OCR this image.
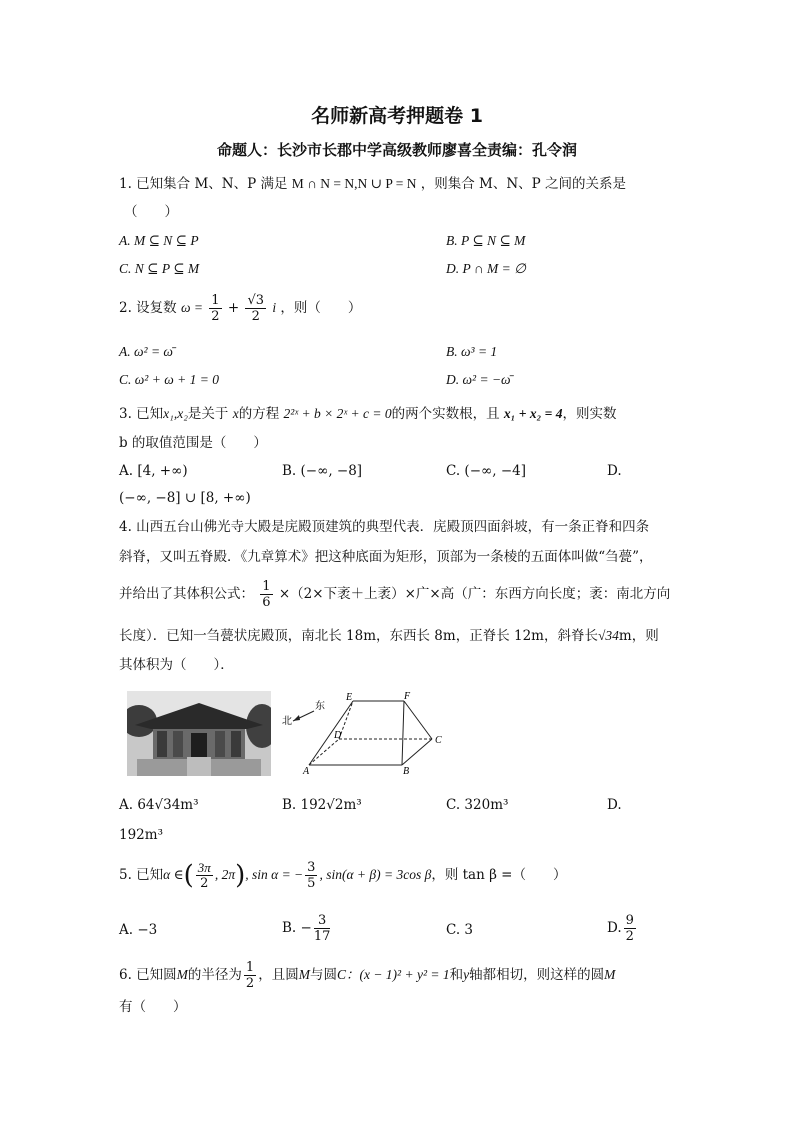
名师新高考押题卷 1
命题人：长沙市长郡中学高级教师廖喜全责编：孔令润
1. 已知集合 M、N、P 满足 M ∩ N = N,N ∪ P = N ，则集合 M、N、P 之间的关系是
（　　）
A. M ⊆ N ⊆ P	B. P ⊆ N ⊆ M
C. N ⊆ P ⊆ M	D. P ∩ M = ∅
2. 设复数 $\omega = \frac{1}{2} + \frac{√3}{2}$ i ，则（　　）
A. ω² = ω̄	B. ω³ = 1
C. ω² + ω + 1 = 0	D. ω² = −ω̄
3. 已知x₁,x₂是关于 x的方程 2²ˣ + b × 2ˣ + c = 0的两个实数根，且 x₁ + x₂ = 4，则实数
b 的取值范围是（　　）
A. [4, +∞)	B. (−∞, −8]	C. (−∞, −4]	D.
(−∞, −8] ∪ [8, +∞)
4. 山西五台山佛光寺大殿是庑殿顶建筑的典型代表．庑殿顶四面斜坡，有一条正脊和四条
斜脊，又叫五脊殿．《九章算术》把这种底面为矩形，顶部为一条棱的五面体叫做“刍甍”，
并给出了其体积公式： $\frac{1}{6} \times(2\times$下袤＋上袤）×广×高（广：东西方向长度；袤：南北方向
长度）．已知一刍甍状庑殿顶，南北长 18m，东西长 8m，正脊长 12m，斜脊长√34m，则
其体积为（　　）．
E	F
D	C
A	B
东
北
A. 64√34m³	B. 192√2m³	C. 320m³	D.
192m³
5. 已知α ∈( $\frac{3\pi}{2}$ , 2π), sin α = − $\frac{3}{5}$ , sin(α + β) = 3cos β，则 tan β =（　　）
A. −3	B. − $\frac{3}{17}$	C. 3	D. $\frac{9}{2}$
6. 已知圆M的半径为 $\frac{1}{2}$ ，且圆M与圆C：(x − 1)² + y² = 1和y轴都相切，则这样的圆M
有（　　）
